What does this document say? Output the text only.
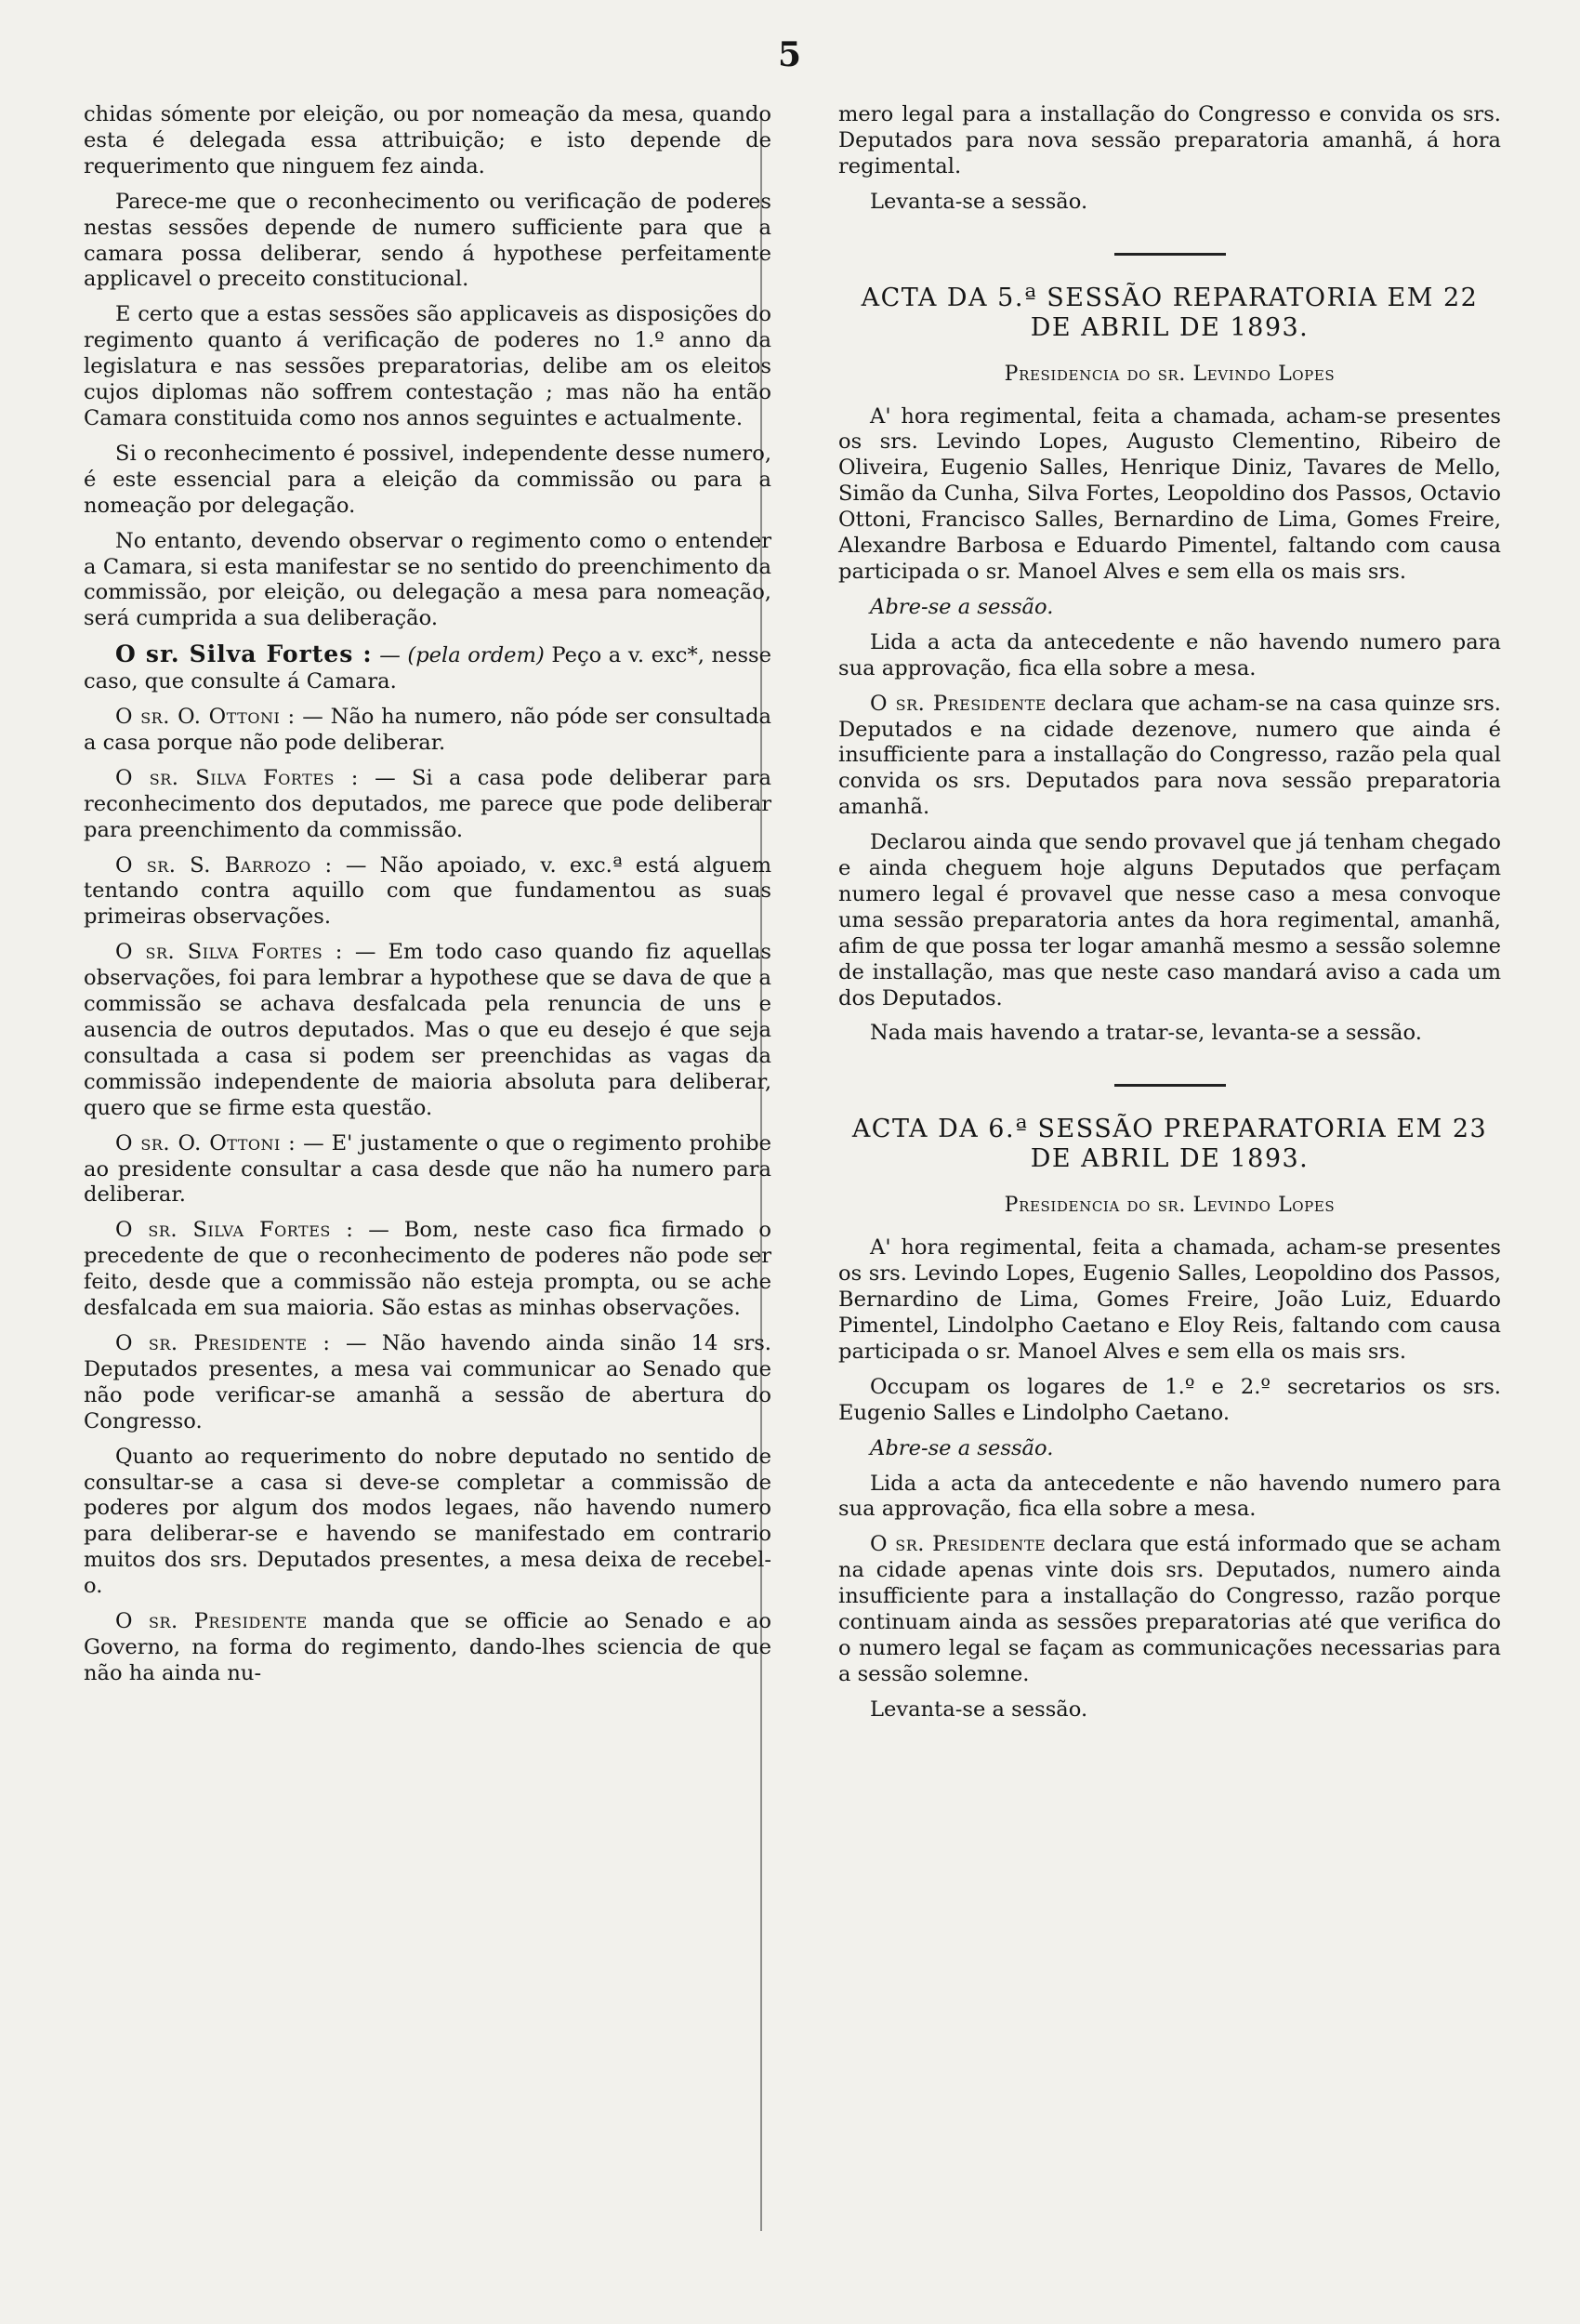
5

chidas sómente por eleição, ou por nomeação da mesa, quando esta é delegada essa attribuição; e isto depende de requerimento que ninguem fez ainda.

Parece-me que o reconhecimento ou verificação de poderes nestas sessões depende de numero sufficiente para que a camara possa deliberar, sendo á hypothese perfeitamente applicavel o preceito constitucional.

E certo que a estas sessões são applicaveis as disposições do regimento quanto á verificação de poderes no 1.º anno da legislatura e nas sessões preparatorias, delibe am os eleitos cujos diplomas não soffrem contestação ; mas não ha então Camara constituida como nos annos seguintes e actualmente.

Si o reconhecimento é possivel, independente desse numero, é este essencial para a eleição da commissão ou para a nomeação por delegação.

No entanto, devendo observar o regimento como o entender a Camara, si esta manifestar se no sentido do preenchimento da commissão, por eleição, ou delegação a mesa para nomeação, será cumprida a sua deliberação.

O sr. Silva Fortes : — (pela ordem) Peço a v. exc*, nesse caso, que consulte á Camara.

O sr. O. Ottoni : — Não ha numero, não póde ser consultada a casa porque não pode deliberar.

O sr. Silva Fortes : — Si a casa pode deliberar para reconhecimento dos deputados, me parece que pode deliberar para preenchimento da commissão.

O sr. S. Barrozo : — Não apoiado, v. exc.ª está alguem tentando contra aquillo com que fundamentou as suas primeiras observações.

O sr. Silva Fortes : — Em todo caso quando fiz aquellas observações, foi para lembrar a hypothese que se dava de que a commissão se achava desfalcada pela renuncia de uns e ausencia de outros deputados. Mas o que eu desejo é que seja consultada a casa si podem ser preenchidas as vagas da commissão independente de maioria absoluta para deliberar, quero que se firme esta questão.

O sr. O. Ottoni : — E' justamente o que o regimento prohibe ao presidente consultar a casa desde que não ha numero para deliberar.

O sr. Silva Fortes : — Bom, neste caso fica firmado o precedente de que o reconhecimento de poderes não pode ser feito, desde que a commissão não esteja prompta, ou se ache desfalcada em sua maioria. São estas as minhas observações.

O sr. Presidente : — Não havendo ainda sinão 14 srs. Deputados presentes, a mesa vai communicar ao Senado que não pode verificar-se amanhã a sessão de abertura do Congresso.

Quanto ao requerimento do nobre deputado no sentido de consultar-se a casa si deve-se completar a commissão de poderes por algum dos modos legaes, não havendo numero para deliberar-se e havendo se manifestado em contrario muitos dos srs. Deputados presentes, a mesa deixa de recebel-o.

O sr. Presidente manda que se officie ao Senado e ao Governo, na forma do regimento, dando-lhes sciencia de que não ha ainda nu-

mero legal para a installação do Congresso e convida os srs. Deputados para nova sessão preparatoria amanhã, á hora regimental.

Levanta-se a sessão.

ACTA DA 5.ª SESSÃO REPARATORIA EM 22 DE ABRIL DE 1893.
Presidencia do sr. Levindo Lopes

A' hora regimental, feita a chamada, acham-se presentes os srs. Levindo Lopes, Augusto Clementino, Ribeiro de Oliveira, Eugenio Salles, Henrique Diniz, Tavares de Mello, Simão da Cunha, Silva Fortes, Leopoldino dos Passos, Octavio Ottoni, Francisco Salles, Bernardino de Lima, Gomes Freire, Alexandre Barbosa e Eduardo Pimentel, faltando com causa participada o sr. Manoel Alves e sem ella os mais srs.

Abre-se a sessão.

Lida a acta da antecedente e não havendo numero para sua approvação, fica ella sobre a mesa.

O sr. Presidente declara que acham-se na casa quinze srs. Deputados e na cidade dezenove, numero que ainda é insufficiente para a installação do Congresso, razão pela qual convida os srs. Deputados para nova sessão preparatoria amanhã.

Declarou ainda que sendo provavel que já tenham chegado e ainda cheguem hoje alguns Deputados que perfaçam numero legal é provavel que nesse caso a mesa convoque uma sessão preparatoria antes da hora regimental, amanhã, afim de que possa ter logar amanhã mesmo a sessão solemne de installação, mas que neste caso mandará aviso a cada um dos Deputados.

Nada mais havendo a tratar-se, levanta-se a sessão.

ACTA DA 6.ª SESSÃO PREPARATORIA EM 23 DE ABRIL DE 1893.
Presidencia do sr. Levindo Lopes

A' hora regimental, feita a chamada, acham-se presentes os srs. Levindo Lopes, Eugenio Salles, Leopoldino dos Passos, Bernardino de Lima, Gomes Freire, João Luiz, Eduardo Pimentel, Lindolpho Caetano e Eloy Reis, faltando com causa participada o sr. Manoel Alves e sem ella os mais srs.

Occupam os logares de 1.º e 2.º secretarios os srs. Eugenio Salles e Lindolpho Caetano.

Abre-se a sessão.

Lida a acta da antecedente e não havendo numero para sua approvação, fica ella sobre a mesa.

O sr. Presidente declara que está informado que se acham na cidade apenas vinte dois srs. Deputados, numero ainda insufficiente para a installação do Congresso, razão porque continuam ainda as sessões preparatorias até que verifica do o numero legal se façam as communicações necessarias para a sessão solemne.

Levanta-se a sessão.
